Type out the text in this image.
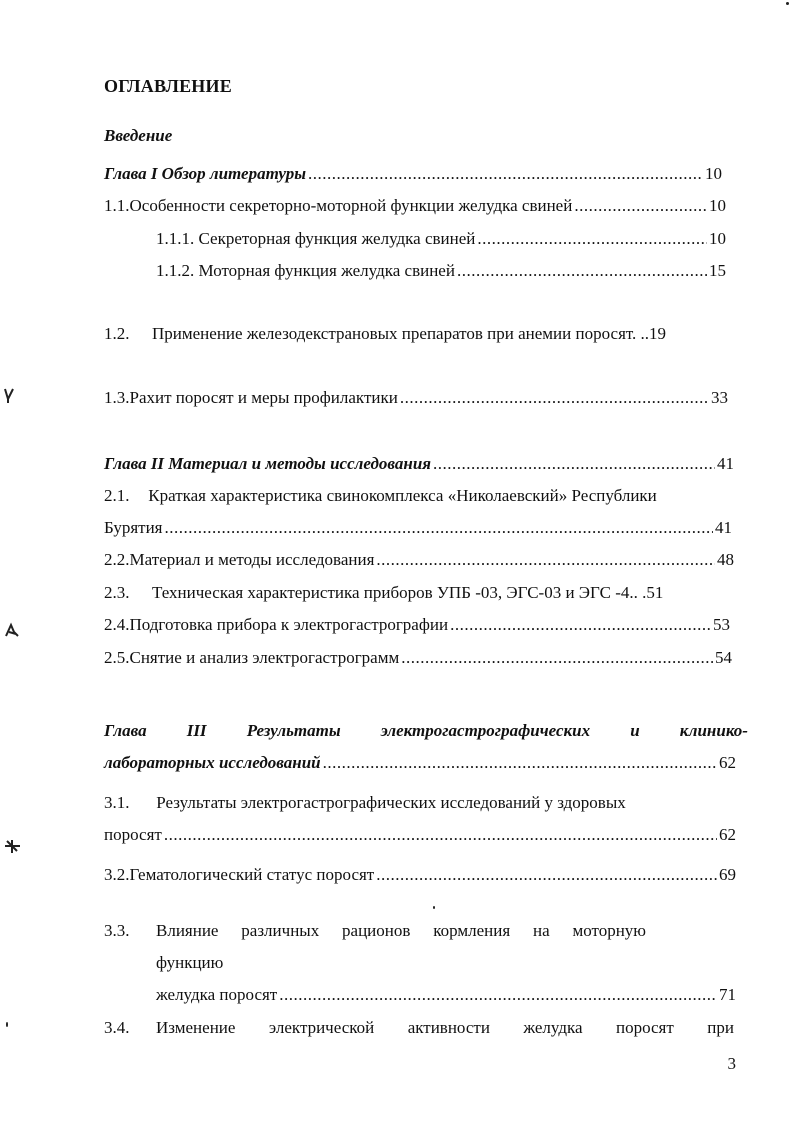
ОГЛАВЛЕНИЕ
Введение
Глава I Обзор литературы .....	10
1.1. Особенности секреторно-моторной функции желудка свиней .....	10
1.1.1. Секреторная функция желудка свиней .....	10
1.1.2. Моторная функция желудка свиней .....	15
1.2.	Применение железодекстрановых препаратов при анемии поросят. .. 19
1.3. Рахит поросят и меры профилактики .....	33
Глава II Материал и методы исследования .....	41
2.1. Краткая характеристика свинокомплекса «Николаевский» Республики
Бурятия .....	41
2.2. Материал и методы исследования .....	48
2.3.	Техническая характеристика приборов УПБ -03, ЭГС-03 и ЭГС -4.. . 51
2.4. Подготовка прибора к электрогастрографии .....	53
2.5. Снятие и анализ электрогастрограмм .....	54
Глава III Результаты электрогастрографических и клинико-
лабораторных исследований .....	62
3.1. Результаты электрогастрографических исследований у здоровых
поросят .....	62
3.2. Гематологический статус поросят .....	69
3.3.	Влияние различных рационов кормления на моторную
функцию
желудка поросят .....	71
3.4.	Изменение электрической активности желудка поросят при
3
